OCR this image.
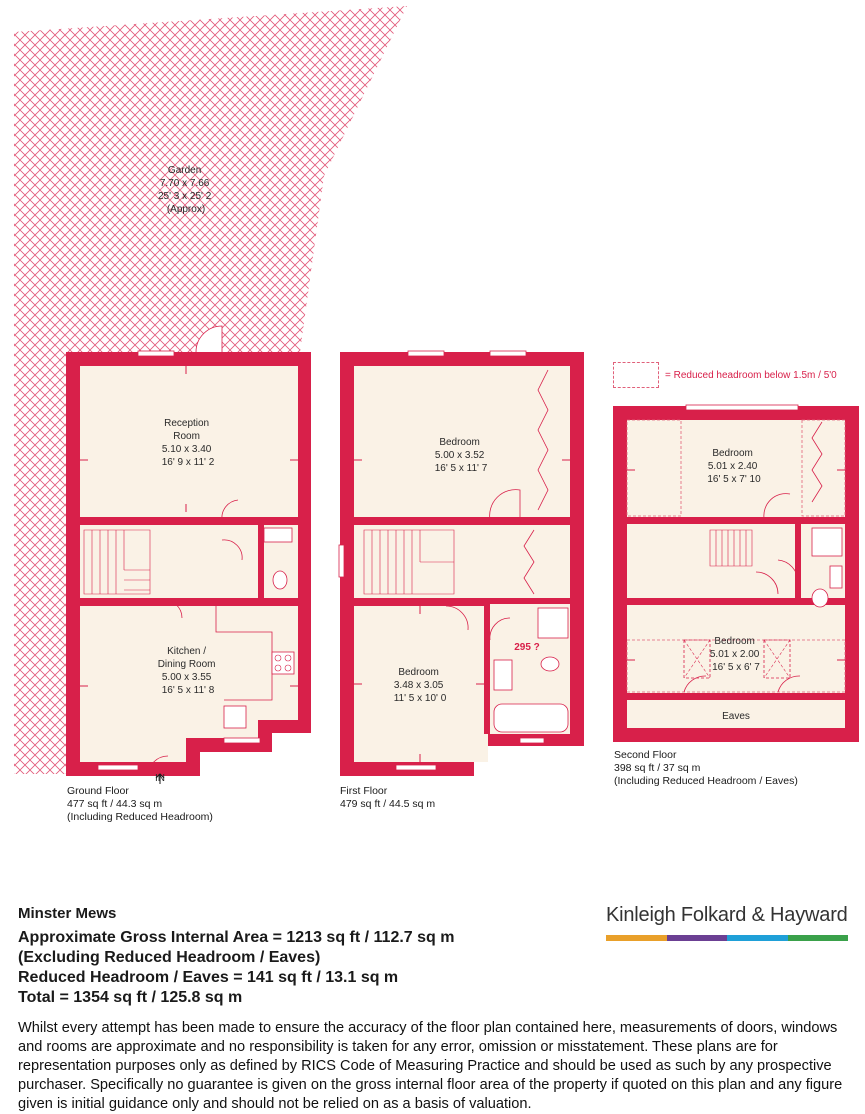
Garden 7.70 x 7.66 25' 3 x 25' 2 (Approx)
Reception Room 5.10 x 3.40 16' 9 x 11' 2
Kitchen / Dining Room 5.00 x 3.55 16' 5 x 11' 8
Bedroom 5.00 x 3.52 16' 5 x 11' 7
Bedroom 3.48 x 3.05 11' 5 x 10' 0
295 ?
Bedroom 5.01 x 2.40 16' 5 x 7' 10
Bedroom 5.01 x 2.00 16' 5 x 6' 7
Eaves
IN
Ground Floor
477 sq ft / 44.3 sq m
(Including Reduced Headroom)
First Floor
479 sq ft / 44.5 sq m
Second Floor
398 sq ft / 37 sq m
(Including Reduced Headroom / Eaves)
= Reduced headroom below 1.5m / 5'0
Minster Mews
Approximate Gross Internal Area = 1213 sq ft / 112.7 sq m
(Excluding Reduced Headroom / Eaves)
Reduced Headroom / Eaves = 141 sq ft / 13.1 sq m
Total = 1354 sq ft / 125.8 sq m
Kinleigh Folkard & Hayward
Whilst every attempt has been made to ensure the accuracy of the floor plan contained here, measurements of doors, windows and rooms are approximate and no responsibility is taken for any error, omission or misstatement. These plans are for representation purposes only as defined by RICS Code of Measuring Practice and should be used as such by any prospective purchaser. Specifically no guarantee is given on the gross internal floor area of the property if quoted on this plan and any figure given is initial guidance only and should not be relied on as a basis of valuation.
